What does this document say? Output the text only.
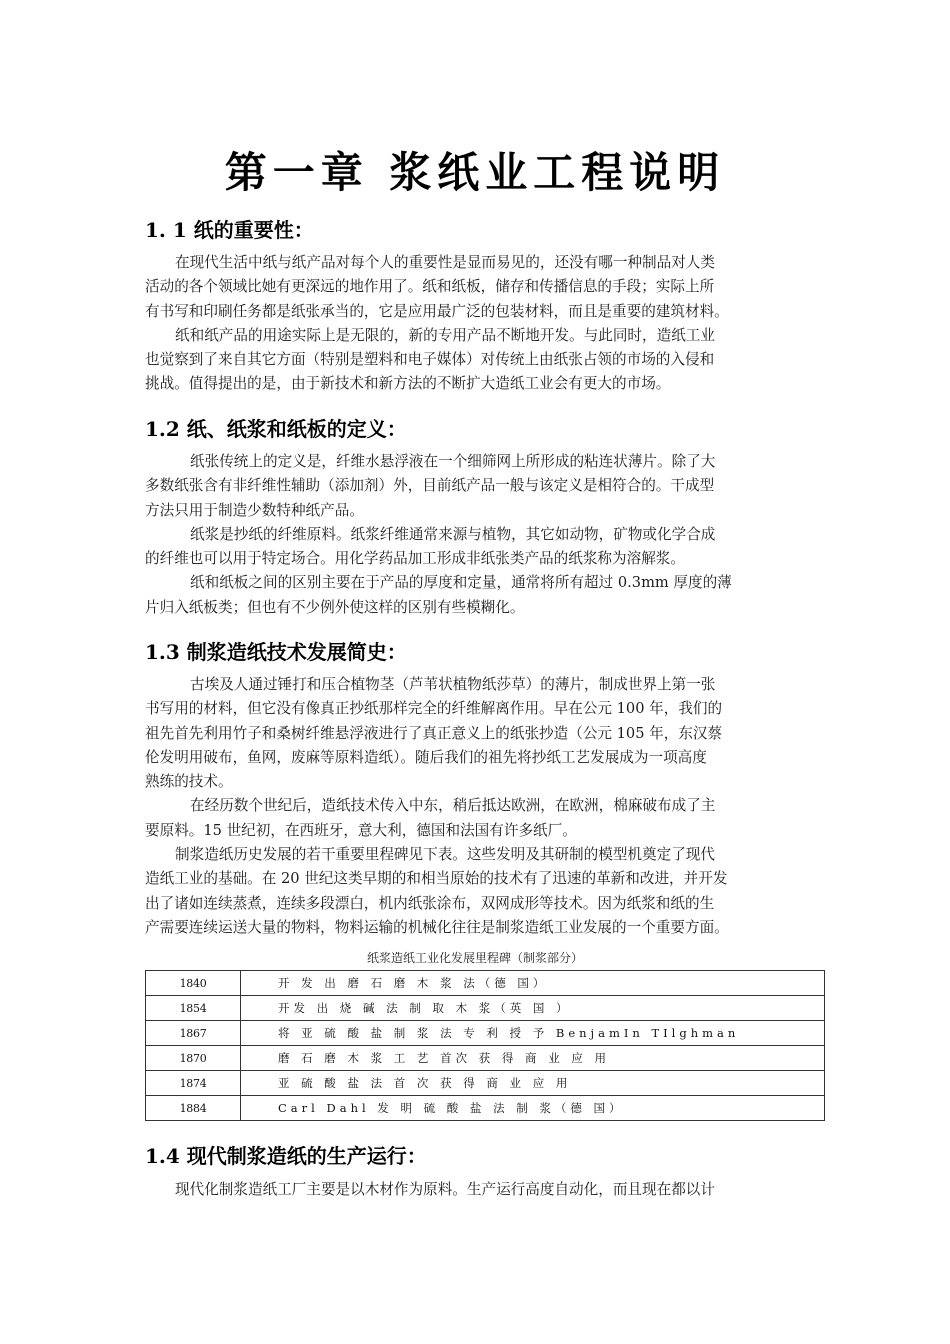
第一章 浆纸业工程说明
1. 1 纸的重要性：
在现代生活中纸与纸产品对每个人的重要性是显而易见的，还没有哪一种制品对人类
活动的各个领域比她有更深远的地作用了。纸和纸板，储存和传播信息的手段；实际上所
有书写和印刷任务都是纸张承当的，它是应用最广泛的包装材料，而且是重要的建筑材料。
纸和纸产品的用途实际上是无限的，新的专用产品不断地开发。与此同时，造纸工业
也觉察到了来自其它方面（特别是塑料和电子媒体）对传统上由纸张占领的市场的入侵和
挑战。值得提出的是，由于新技术和新方法的不断扩大造纸工业会有更大的市场。
1.2 纸、纸浆和纸板的定义：
纸张传统上的定义是，纤维水悬浮液在一个细筛网上所形成的粘连状薄片。除了大
多数纸张含有非纤维性辅助（添加剂）外，目前纸产品一般与该定义是相符合的。干成型
方法只用于制造少数特种纸产品。
纸浆是抄纸的纤维原料。纸浆纤维通常来源与植物，其它如动物，矿物或化学合成
的纤维也可以用于特定场合。用化学药品加工形成非纸张类产品的纸浆称为溶解浆。
纸和纸板之间的区别主要在于产品的厚度和定量，通常将所有超过 0.3mm 厚度的薄
片归入纸板类；但也有不少例外使这样的区别有些模糊化。
1.3 制浆造纸技术发展简史：
古埃及人通过锤打和压合植物茎（芦苇状植物纸莎草）的薄片，制成世界上第一张
书写用的材料，但它没有像真正抄纸那样完全的纤维解离作用。早在公元 100 年，我们的
祖先首先利用竹子和桑树纤维悬浮液进行了真正意义上的纸张抄造（公元 105 年，东汉蔡
伦发明用破布，鱼网，废麻等原料造纸）。随后我们的祖先将抄纸工艺发展成为一项高度
熟练的技术。
在经历数个世纪后，造纸技术传入中东，稍后抵达欧洲，在欧洲，棉麻破布成了主
要原料。15 世纪初，在西班牙，意大利，德国和法国有许多纸厂。
制浆造纸历史发展的若干重要里程碑见下表。这些发明及其研制的模型机奠定了现代
造纸工业的基础。在 20 世纪这类早期的和相当原始的技术有了迅速的革新和改进，并开发
出了诸如连续蒸煮，连续多段漂白，机内纸张涂布，双网成形等技术。因为纸浆和纸的生
产需要连续运送大量的物料，物料运输的机械化往往是制浆造纸工业发展的一个重要方面。
纸浆造纸工业化发展里程碑（制浆部分）
1840	开 发 出 磨 石 磨 木 浆 法（德 国）
1854	开发 出 烧 碱 法 制 取 木 浆（英 国 ）
1867	将 亚 硫 酸 盐 制 浆 法 专 利 授 予 BenjamIn TIlghman
1870	磨 石 磨 木 浆 工 艺 首次 获 得 商 业 应 用
1874	亚 硫 酸 盐 法 首 次 获 得 商 业 应 用
1884	Carl Dahl 发 明 硫 酸 盐 法 制 浆（德 国）
1.4 现代制浆造纸的生产运行：
现代化制浆造纸工厂主要是以木材作为原料。生产运行高度自动化，而且现在都以计
